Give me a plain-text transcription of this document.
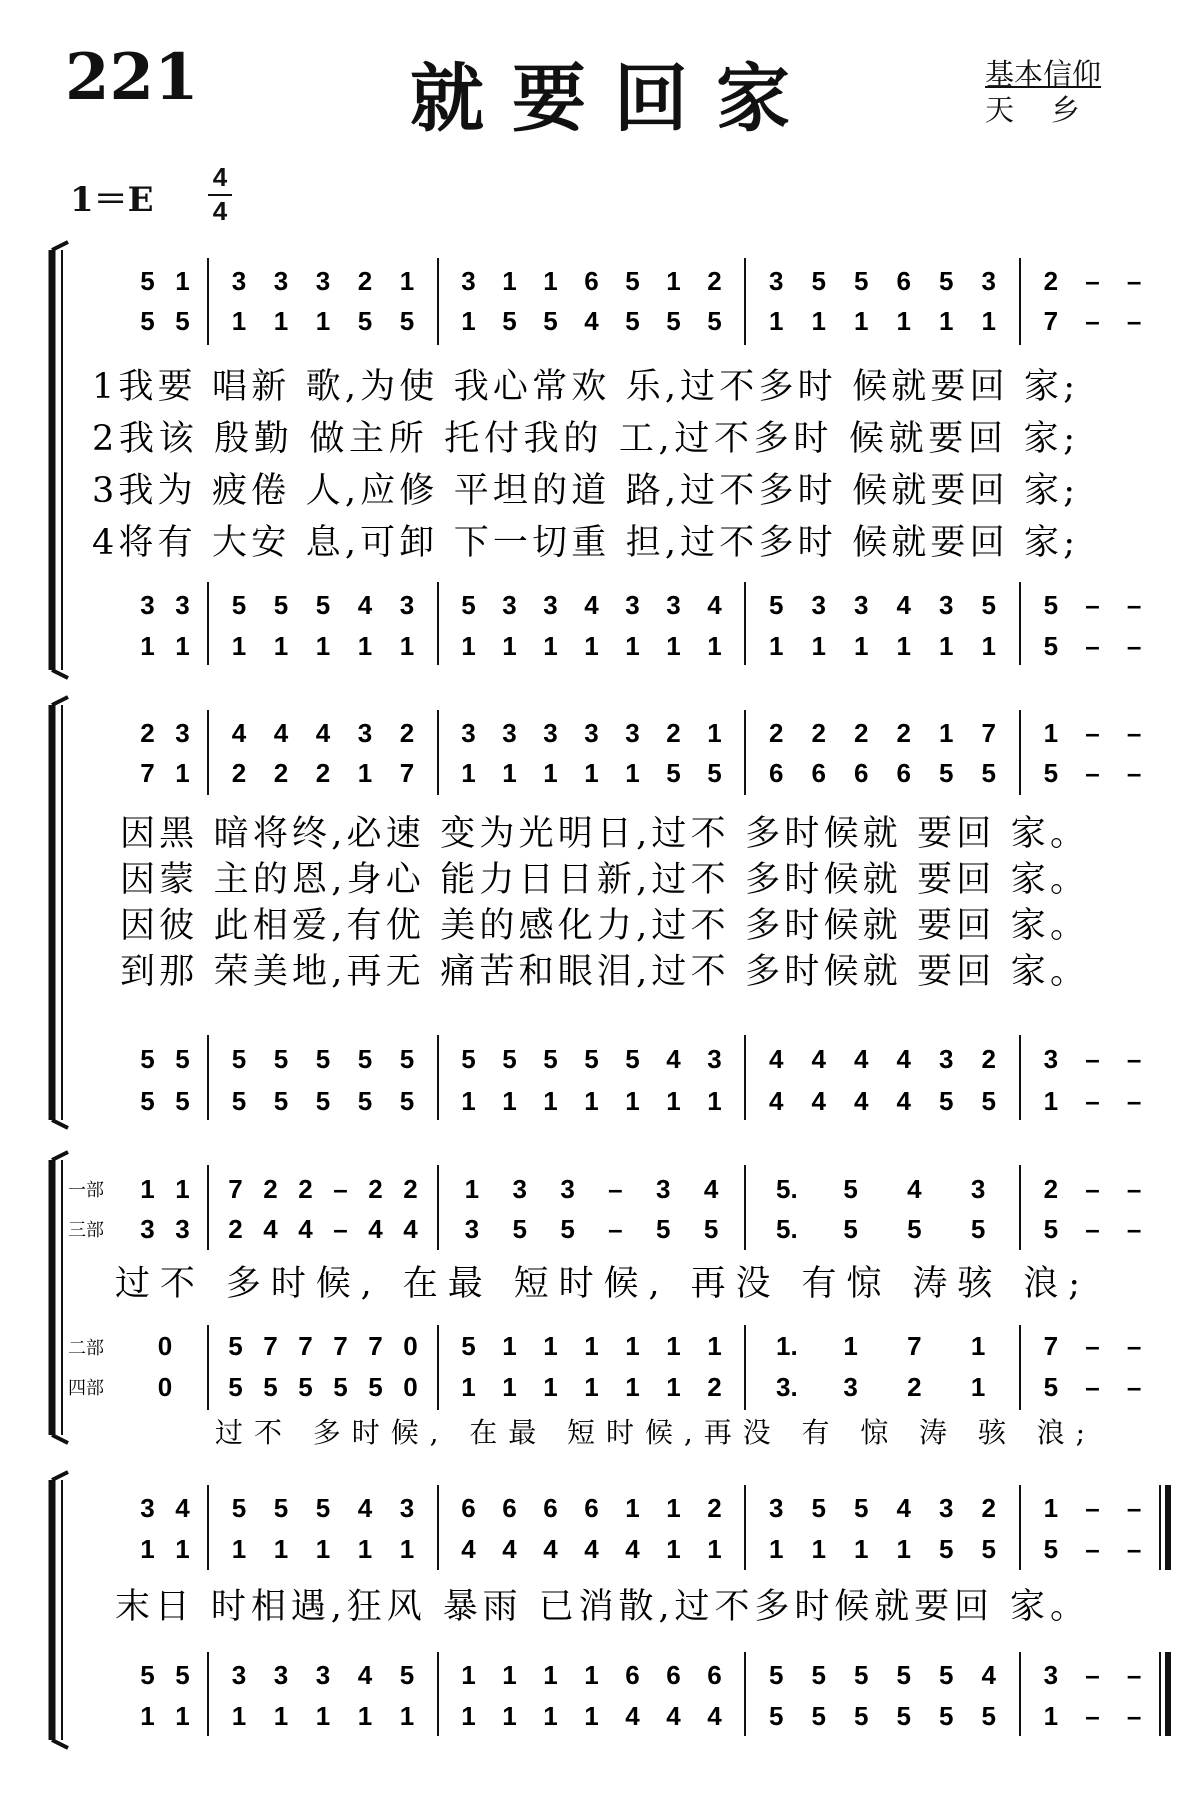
221	就要回家	基本信仰
天    乡
1＝E
4
4
5 1 3 3 3 2 1 3 1 1 6 5 1 2 3 5 5 6 5 3 2 – –
5 5 1 1 1 5 5 1 5 5 4 5 5 5 1 1 1 1 1 1 7 – –
1我要 唱新 歌,为使 我心常欢 乐,过不多时 候就要回 家;
2我该 殷勤 做主所 托付我的 工,过不多时 候就要回 家;
3我为 疲倦 人,应修 平坦的道 路,过不多时 候就要回 家;
4将有 大安 息,可卸 下一切重 担,过不多时 候就要回 家;
3 3 5 5 5 4 3 5 3 3 4 3 3 4 5 3 3 4 3 5 5 – –
1 1 1 1 1 1 1 1 1 1 1 1 1 1 1 1 1 1 1 1 5 – –
2 3 4 4 4 3 2 3 3 3 3 3 2 1 2 2 2 2 1 7 1 – –
7 1 2 2 2 1 7 1 1 1 1 1 5 5 6 6 6 6 5 5 5 – –
因黑 暗将终,必速 变为光明日,过不 多时候就 要回 家。
因蒙 主的恩,身心 能力日日新,过不 多时候就 要回 家。
因彼 此相爱,有优 美的感化力,过不 多时候就 要回 家。
到那 荣美地,再无 痛苦和眼泪,过不 多时候就 要回 家。
5 5 5 5 5 5 5 5 5 5 5 5 4 3 4 4 4 4 3 2 3 – –
5 5 5 5 5 5 5 1 1 1 1 1 1 1 4 4 4 4 5 5 1 – –
1 1 7 2 2 – 2 2 1 3 3 – 3 4 5. 5 4 3 2 – –
3 3 2 4 4 – 4 4 3 5 5 – 5 5 5. 5 5 5 5 – –
一部
三部
过不 多时候, 在最 短时候, 再没 有惊 涛骇 浪;
0 5 7 7 7 7 0 5 1 1 1 1 1 1 1. 1 7 1 7 – –
0 5 5 5 5 5 0 1 1 1 1 1 1 2 3. 3 2 1 5 – –
二部
四部
过不 多时候, 在最 短时候,再没 有 惊 涛 骇 浪;
3 4 5 5 5 4 3 6 6 6 6 1 1 2 3 5 5 4 3 2 1 – –
1 1 1 1 1 1 1 4 4 4 4 4 1 1 1 1 1 1 5 5 5 – –
末日 时相遇,狂风 暴雨 已消散,过不多时候就要回 家。
5 5 3 3 3 4 5 1 1 1 1 6 6 6 5 5 5 5 5 4 3 – –
1 1 1 1 1 1 1 1 1 1 1 4 4 4 5 5 5 5 5 5 1 – –
